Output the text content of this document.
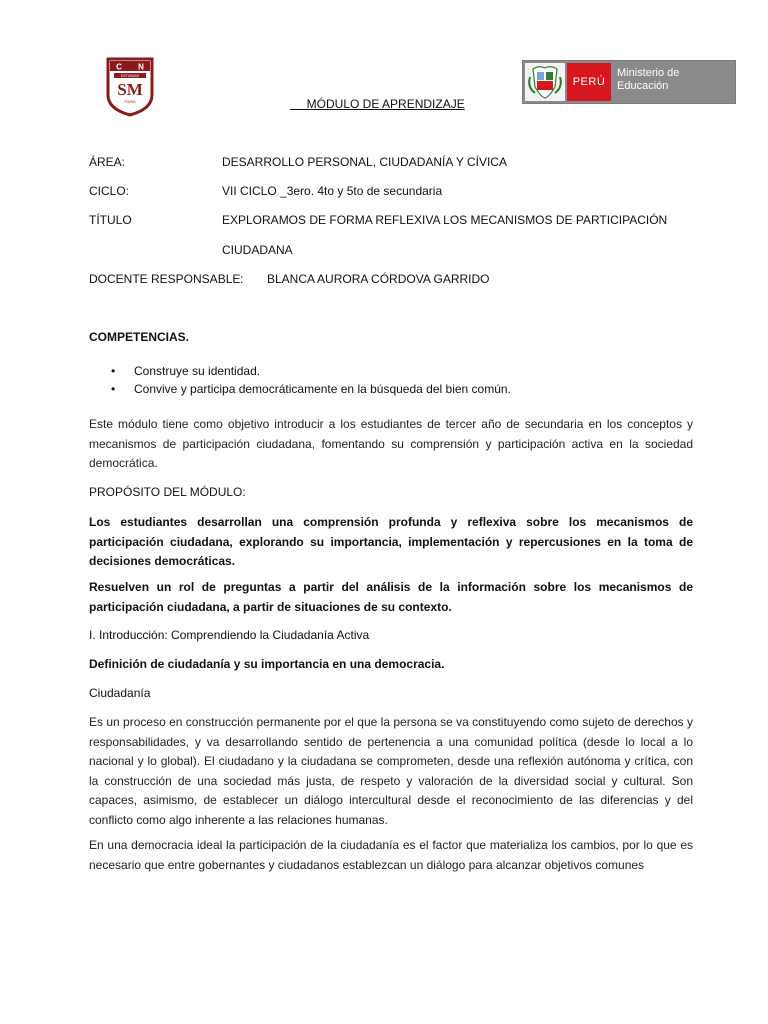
C N
ESTUDIAR
SM
PIURA
PERÚ
Ministerio de
Educación
MÓDULO DE APRENDIZAJE
ÁREA:	DESARROLLO PERSONAL, CIUDADANÍA Y CÍVICA
CICLO:	VII CICLO _3ero. 4to y 5to de secundaria
TÍTULO	EXPLORAMOS DE FORMA REFLEXIVA LOS MECANISMOS DE PARTICIPACIÓN
CIUDADANA
DOCENTE RESPONSABLE : BLANCA AURORA CÓRDOVA GARRIDO
COMPETENCIAS.
• Construye su identidad.
• Convive y participa democráticamente en la búsqueda del bien común.
Este módulo tiene como objetivo introducir a los estudiantes de tercer año de secundaria en los conceptos y mecanismos de participación ciudadana, fomentando su comprensión y participación activa en la sociedad democrática.
PROPÓSITO DEL MÓDULO:
Los estudiantes desarrollan una comprensión profunda y reflexiva sobre los mecanismos de participación ciudadana, explorando su importancia, implementación y repercusiones en la toma de decisiones democráticas.
Resuelven un rol de preguntas a partir del análisis de la información sobre los mecanismos de participación ciudadana, a partir de situaciones de su contexto.
I. Introducción: Comprendiendo la Ciudadanía Activa
Definición de ciudadanía y su importancia en una democracia.
Ciudadanía
Es un proceso en construcción permanente por el que la persona se va constituyendo como sujeto de derechos y responsabilidades, y va desarrollando sentido de pertenencia a una comunidad política (desde lo local a lo nacional y lo global). El ciudadano y la ciudadana se comprometen, desde una reflexión autónoma y crítica, con la construcción de una sociedad más justa, de respeto y valoración de la diversidad social y cultural. Son capaces, asimismo, de establecer un diálogo intercultural desde el reconocimiento de las diferencias y del conflicto como algo inherente a las relaciones humanas.
En una democracia ideal la participación de la ciudadanía es el factor que materializa los cambios, por lo que es necesario que entre gobernantes y ciudadanos establezcan un diálogo para alcanzar objetivos comunes
